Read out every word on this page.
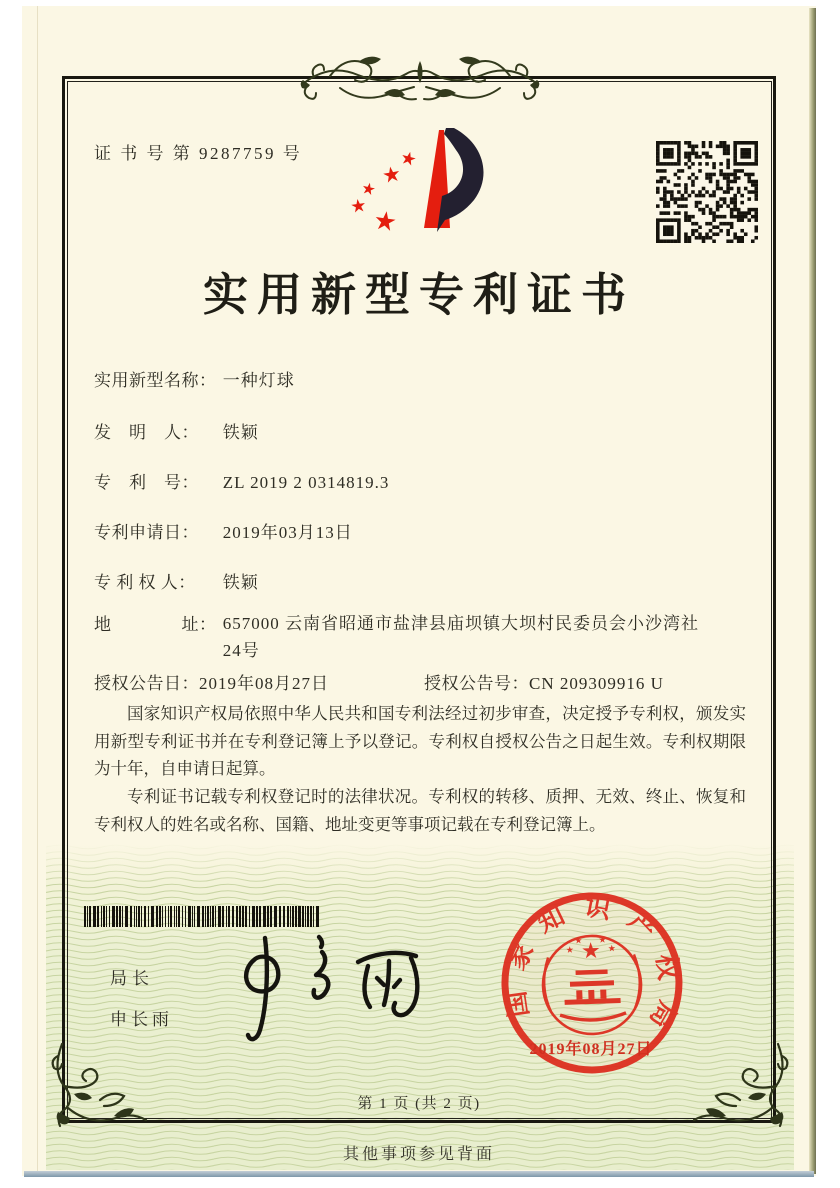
证 书 号 第 9287759 号	★
★
★
★ ★
实用新型专利证书
实用新型名称： 一种灯球
发　明　人： 铁颖
专　利　号： ZL 2019 2 0314819.3
专利申请日： 2019年03月13日
专 利 权 人： 铁颖
地　　　　址： 657000 云南省昭通市盐津县庙坝镇大坝村民委员会小沙湾社24号
授权公告日：2019年08月27日	授权公告号：CN 209309916 U

国家知识产权局依照中华人民共和国专利法经过初步审查，决定授予专利权，颁发实用新型专利证书并在专利登记簿上予以登记。专利权自授权公告之日起生效。专利权期限为十年，自申请日起算。

专利证书记载专利权登记时的法律状况。专利权的转移、质押、无效、终止、恢复和专利权人的姓名或名称、国籍、地址变更等事项记载在专利登记簿上。

局长
申长雨
国家知识产权局
★
★
★ ★
★
2019年08月27日
第 1 页 (共 2 页)
其他事项参见背面
